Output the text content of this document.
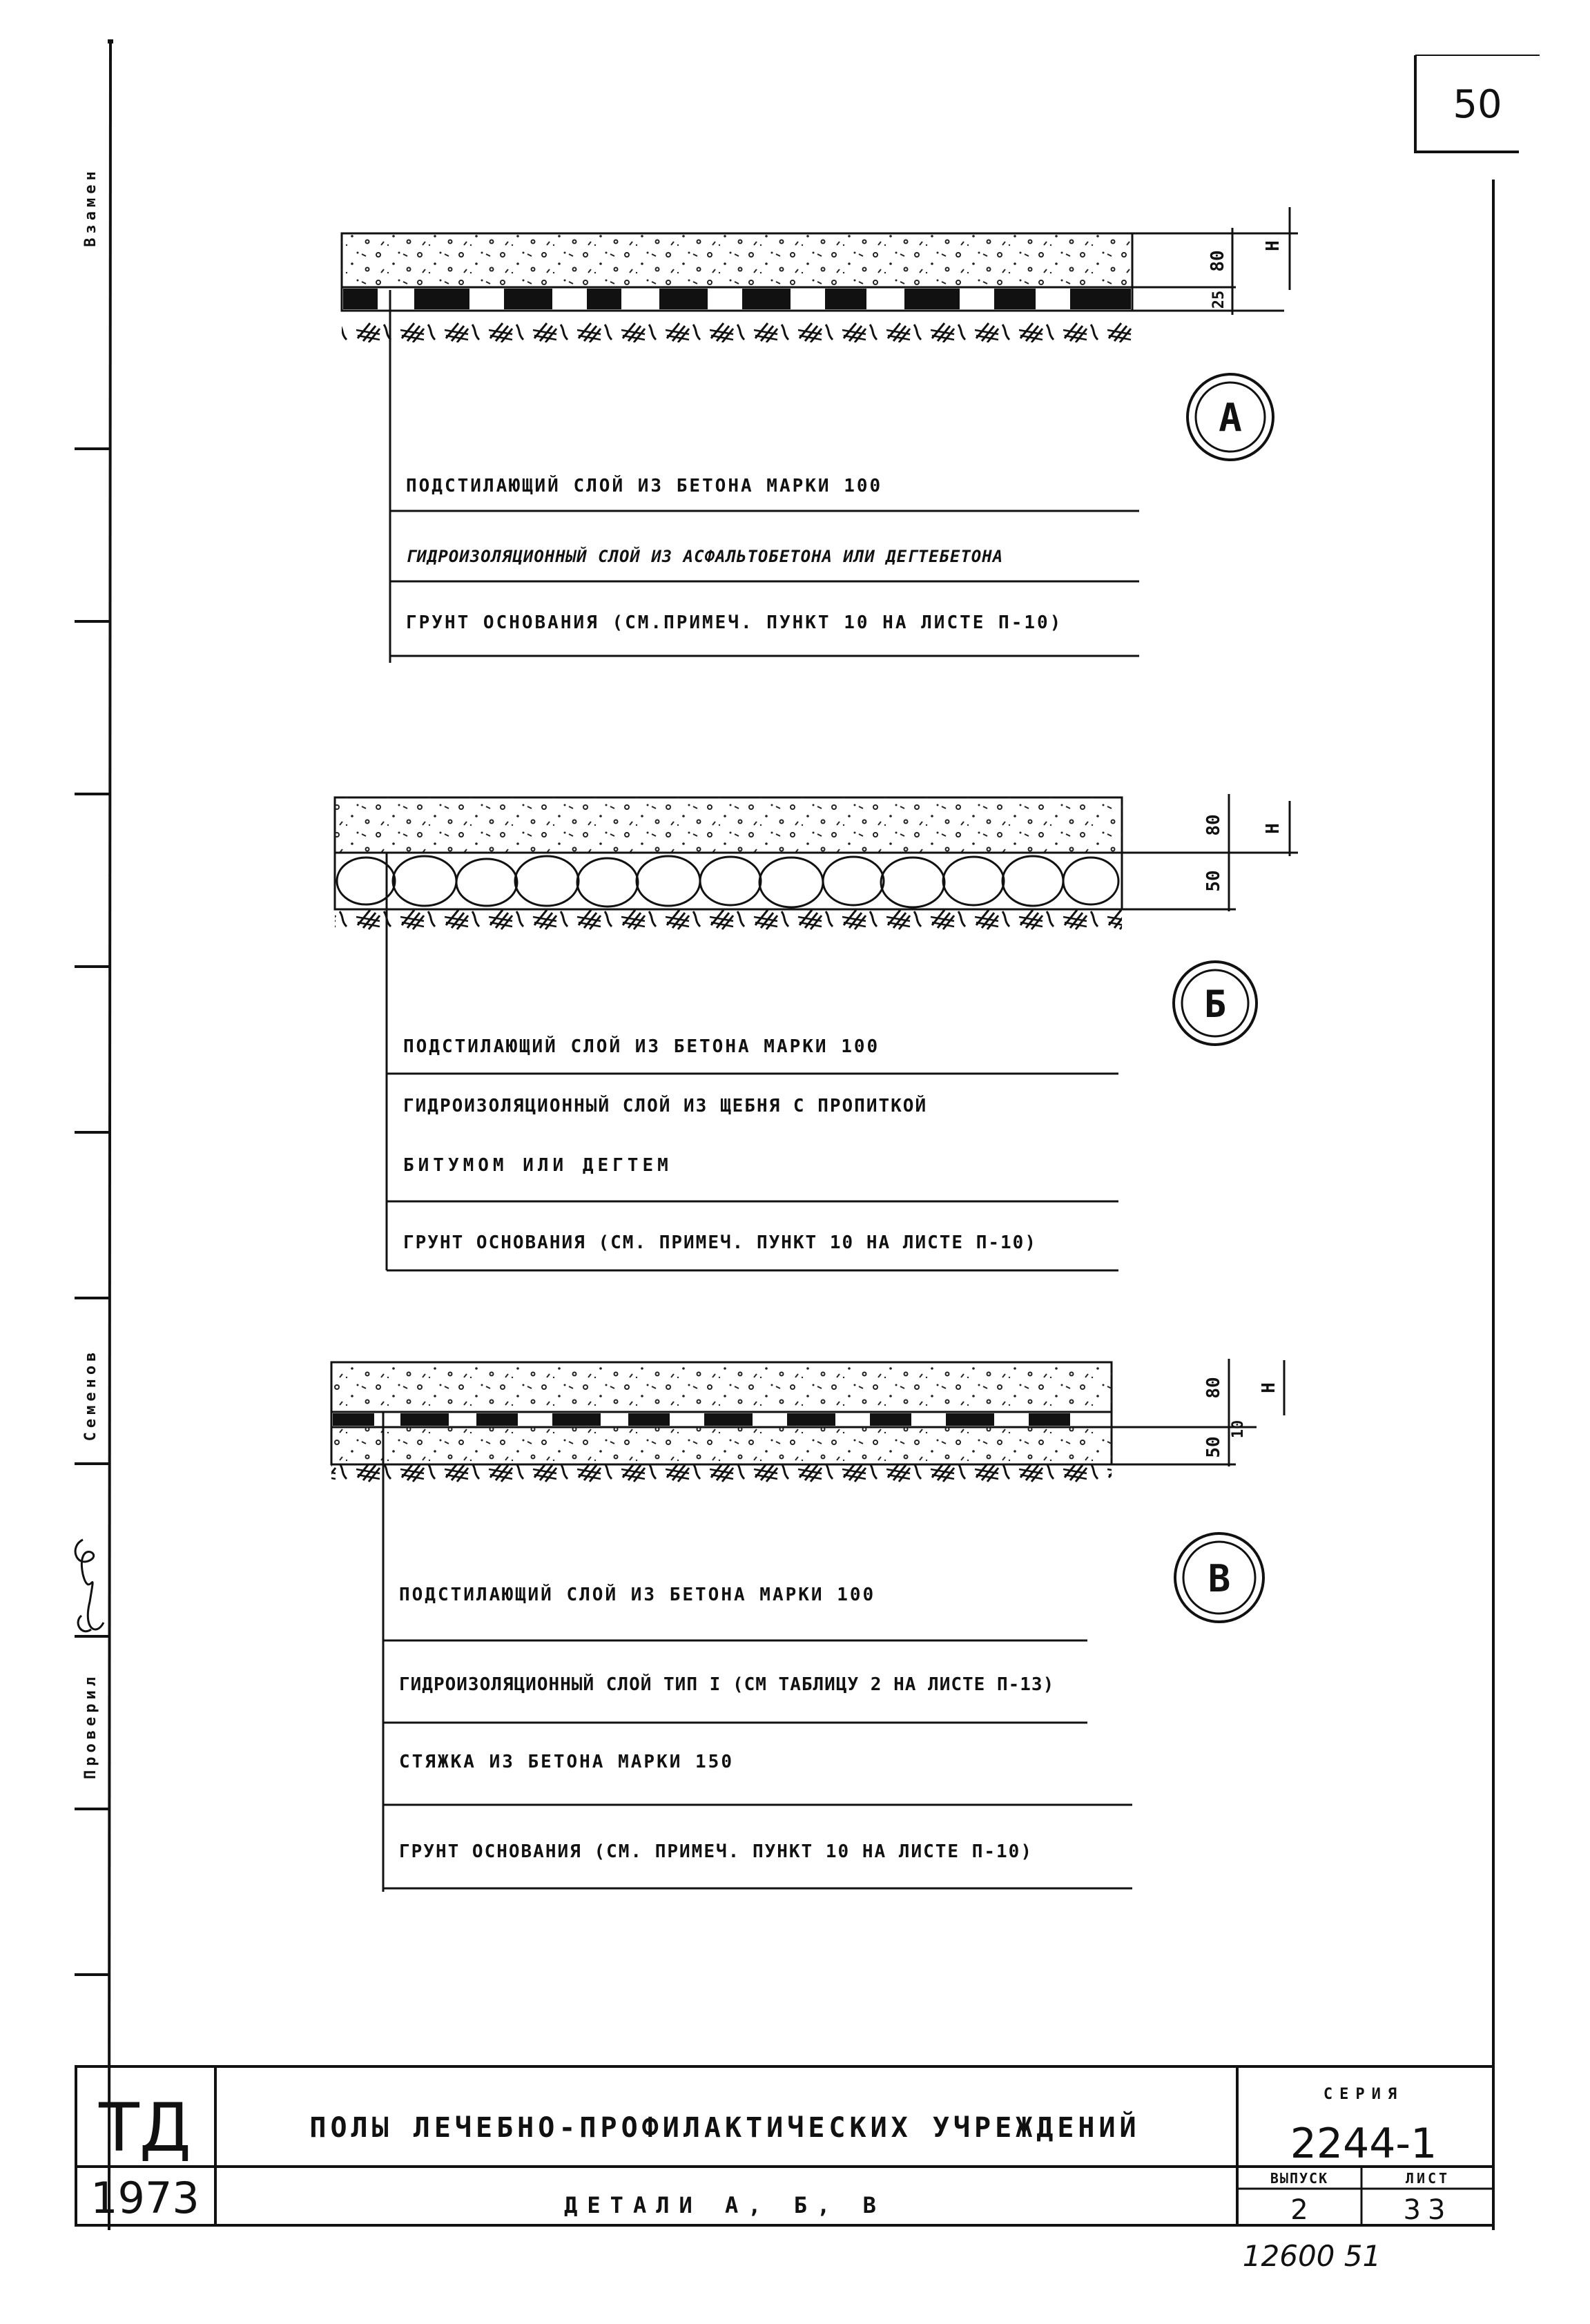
50
Взамен
Семенов
Проверил
80
25
H
А
ПОДСТИЛАЮЩИЙ СЛОЙ ИЗ БЕТОНА МАРКИ 100
ГИДРОИЗОЛЯЦИОННЫЙ СЛОЙ ИЗ АСФАЛЬТОБЕТОНА ИЛИ ДЕГТЕБЕТОНА
ГРУНТ ОСНОВАНИЯ (СМ.ПРИМЕЧ. ПУНКТ 10 НА ЛИСТЕ П-10)
80
50
H
Б
ПОДСТИЛАЮЩИЙ СЛОЙ ИЗ БЕТОНА МАРКИ 100
ГИДРОИЗОЛЯЦИОННЫЙ СЛОЙ ИЗ ЩЕБНЯ С ПРОПИТКОЙ
БИТУМОМ ИЛИ ДЕГТЕМ
ГРУНТ ОСНОВАНИЯ (СМ. ПРИМЕЧ. ПУНКТ 10 НА ЛИСТЕ П-10)
80
10
50
H
В
ПОДСТИЛАЮЩИЙ СЛОЙ ИЗ БЕТОНА МАРКИ 100
ГИДРОИЗОЛЯЦИОННЫЙ СЛОЙ ТИП I (СМ ТАБЛИЦУ 2 НА ЛИСТЕ П-13)
СТЯЖКА ИЗ БЕТОНА МАРКИ 150
ГРУНТ ОСНОВАНИЯ (СМ. ПРИМЕЧ. ПУНКТ 10 НА ЛИСТЕ П-10)
ТД
1973
ПОЛЫ ЛЕЧЕБНО-ПРОФИЛАКТИЧЕСКИХ УЧРЕЖДЕНИЙ
ДЕТАЛИ А, Б, В
СЕРИЯ
2244-1
ВЫПУСК
2
ЛИСТ
33
12600 51
